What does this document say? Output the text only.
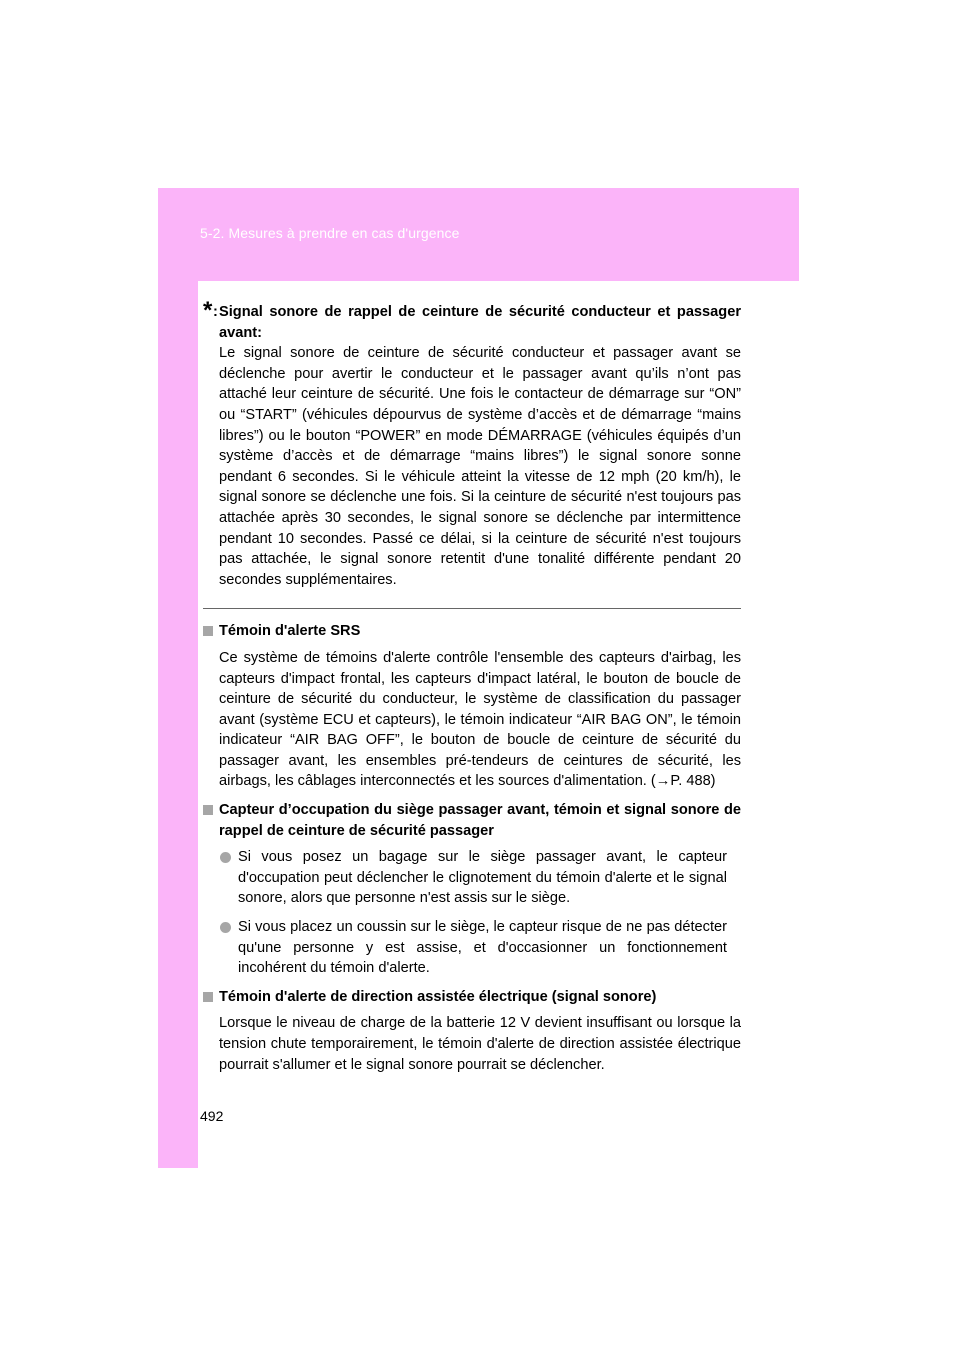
5-2. Mesures à prendre en cas d'urgence
* : Signal sonore de rappel de ceinture de sécurité conducteur et passager avant:
Le signal sonore de ceinture de sécurité conducteur et passager avant se déclenche pour avertir le conducteur et le passager avant qu’ils n’ont pas attaché leur ceinture de sécurité. Une fois le contacteur de démarrage sur “ON” ou “START” (véhicules dépourvus de système d’accès et de démarrage “mains libres”) ou le bouton “POWER” en mode DÉMARRAGE (véhicules équipés d’un système d’accès et de démarrage “mains libres”) le signal sonore sonne pendant 6 secondes. Si le véhicule atteint la vitesse de 12 mph (20 km/h), le signal sonore se déclenche une fois. Si la ceinture de sécurité n'est toujours pas attachée après 30 secondes, le signal sonore se déclenche par intermittence pendant 10 secondes. Passé ce délai, si la ceinture de sécurité n'est toujours pas attachée, le signal sonore retentit d'une tonalité différente pendant 20 secondes supplémentaires.
Témoin d'alerte SRS
Ce système de témoins d'alerte contrôle l'ensemble des capteurs d'airbag, les capteurs d'impact frontal, les capteurs d'impact latéral, le bouton de boucle de ceinture de sécurité du conducteur, le système de classification du passager avant (système ECU et capteurs), le témoin indicateur “AIR BAG ON”, le témoin indicateur “AIR BAG OFF”, le bouton de boucle de ceinture de sécurité du passager avant, les ensembles pré-tendeurs de ceintures de sécurité, les airbags, les câblages interconnectés et les sources d'alimentation. (→P. 488)
Capteur d’occupation du siège passager avant, témoin et signal sonore de rappel de ceinture de sécurité passager
Si vous posez un bagage sur le siège passager avant, le capteur d'occupation peut déclencher le clignotement du témoin d'alerte et le signal sonore, alors que personne n'est assis sur le siège.
Si vous placez un coussin sur le siège, le capteur risque de ne pas détecter qu'une personne y est assise, et d'occasionner un fonctionnement incohérent du témoin d'alerte.
Témoin d'alerte de direction assistée électrique (signal sonore)
Lorsque le niveau de charge de la batterie 12 V devient insuffisant ou lorsque la tension chute temporairement, le témoin d'alerte de direction assistée électrique pourrait s'allumer et le signal sonore pourrait se déclencher.
492
